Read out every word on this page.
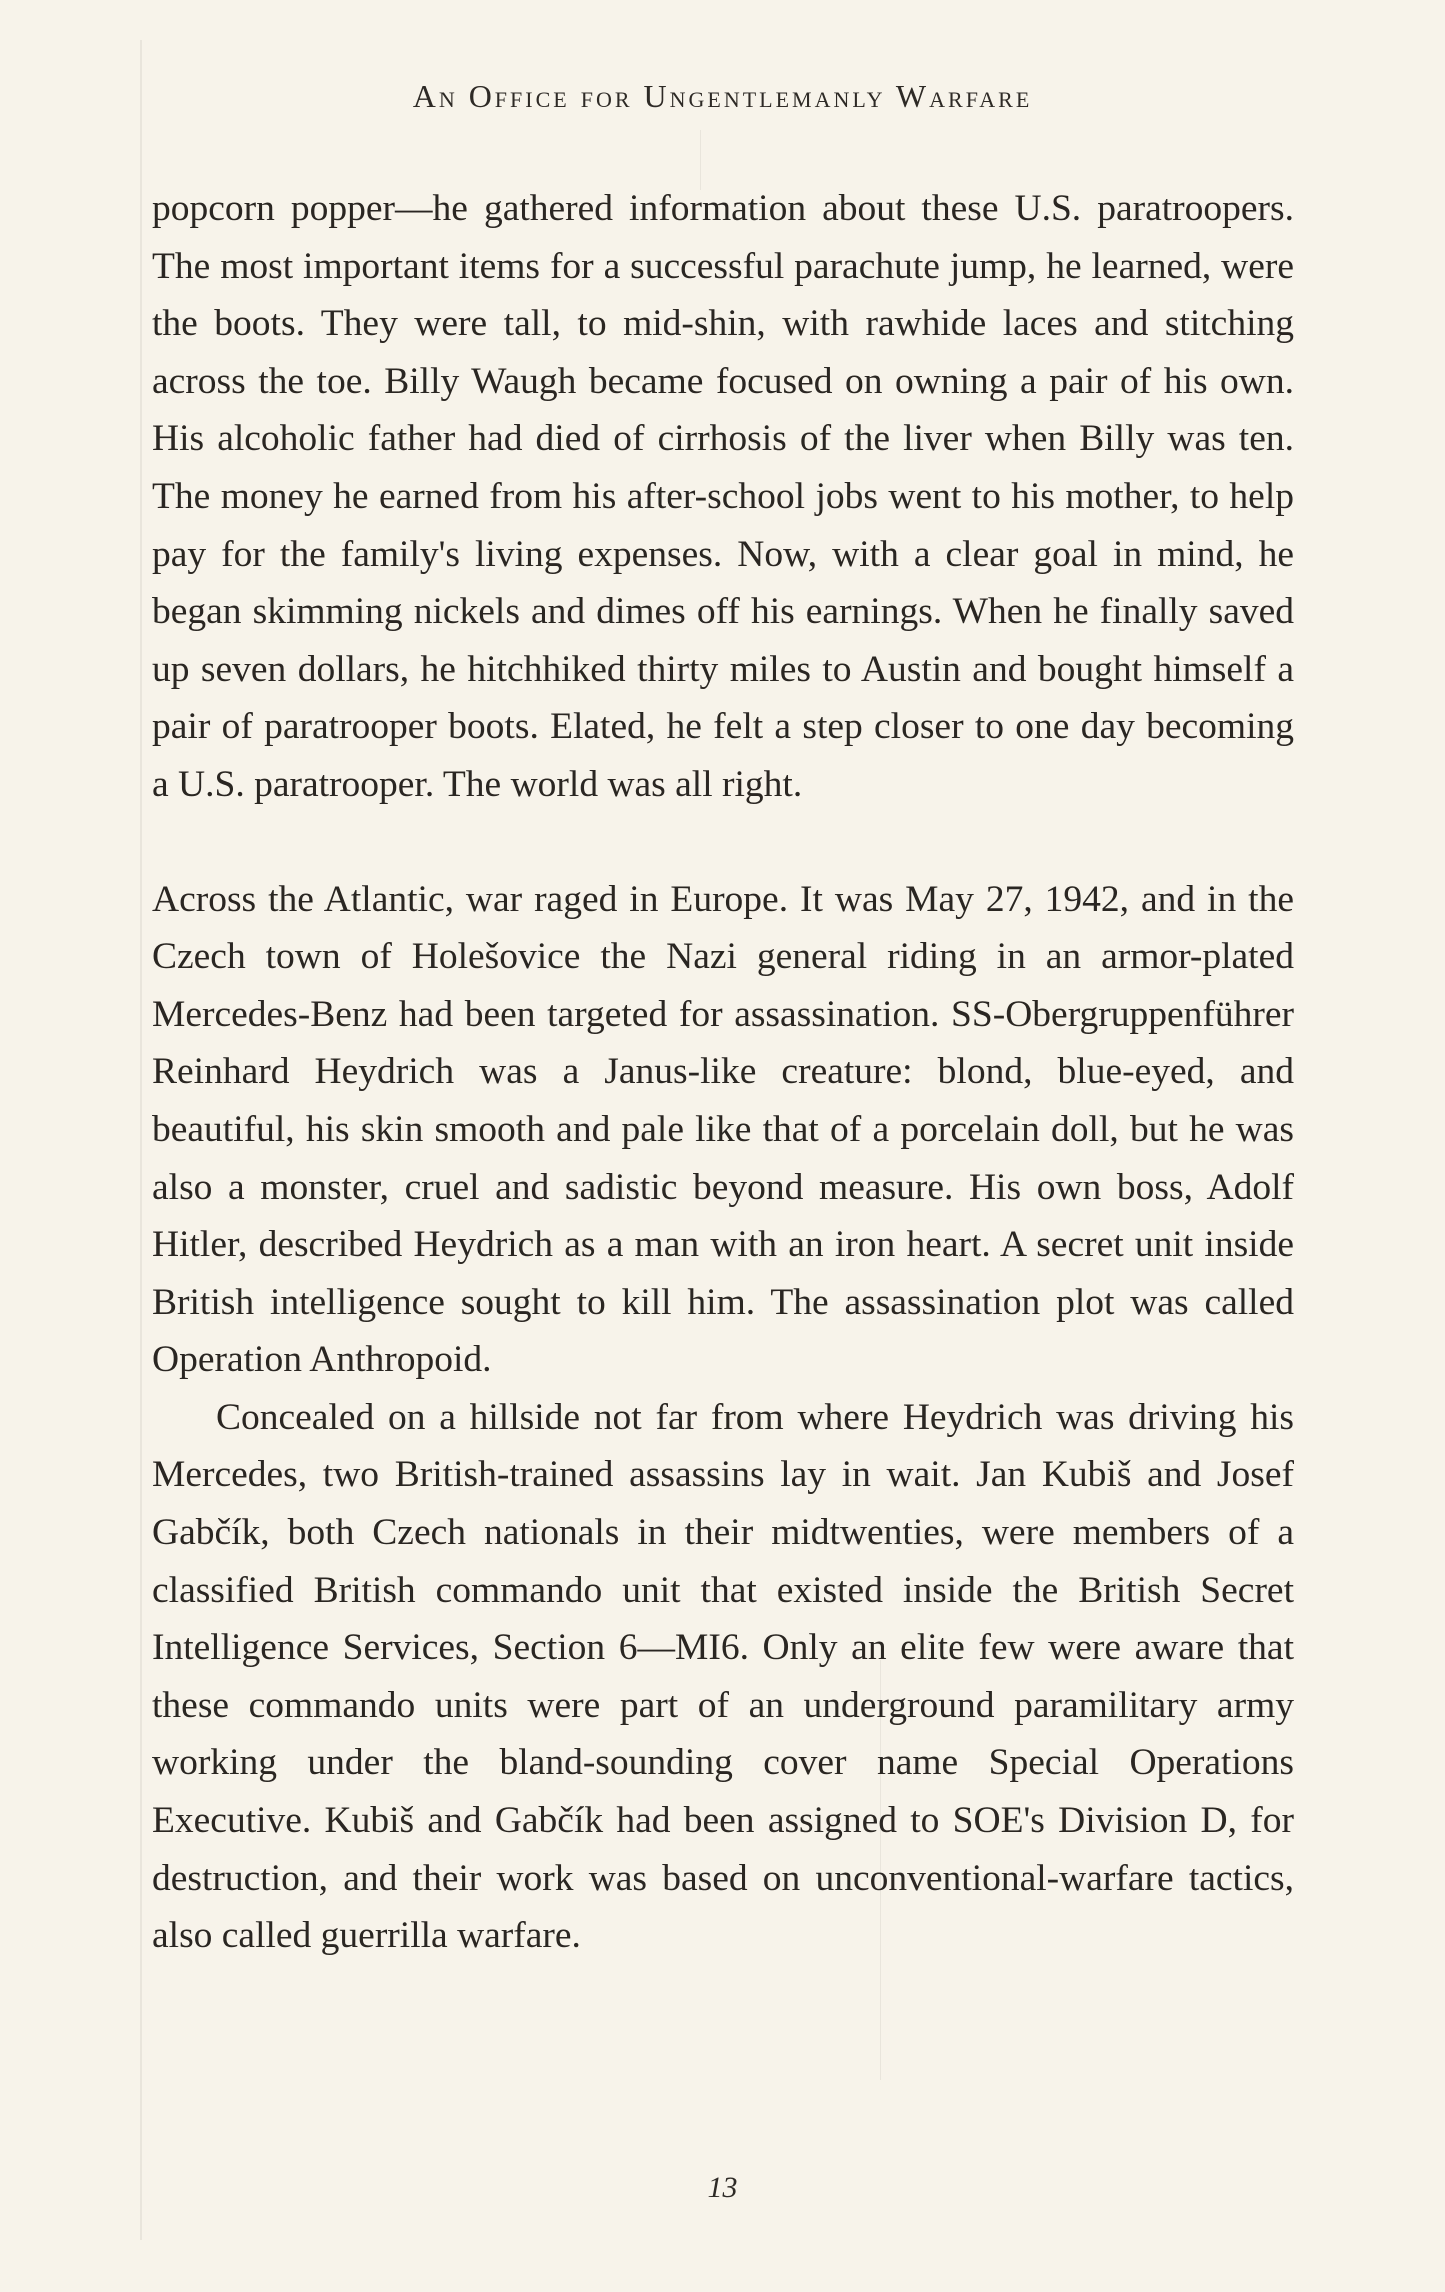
An Office for Ungentlemanly Warfare

popcorn popper—he gathered information about these U.S. paratroopers. The most important items for a successful parachute jump, he learned, were the boots. They were tall, to mid-shin, with rawhide laces and stitching across the toe. Billy Waugh became focused on owning a pair of his own. His alcoholic father had died of cirrhosis of the liver when Billy was ten. The money he earned from his after-school jobs went to his mother, to help pay for the family's living expenses. Now, with a clear goal in mind, he began skimming nickels and dimes off his earnings. When he finally saved up seven dollars, he hitchhiked thirty miles to Austin and bought himself a pair of paratrooper boots. Elated, he felt a step closer to one day becoming a U.S. paratrooper. The world was all right.

Across the Atlantic, war raged in Europe. It was May 27, 1942, and in the Czech town of Holešovice the Nazi general riding in an armor-plated Mercedes-Benz had been targeted for assassination. SS-Obergruppenführer Reinhard Heydrich was a Janus-like creature: blond, blue-eyed, and beautiful, his skin smooth and pale like that of a porcelain doll, but he was also a monster, cruel and sadistic beyond measure. His own boss, Adolf Hitler, described Heydrich as a man with an iron heart. A secret unit inside British intelligence sought to kill him. The assassination plot was called Operation Anthropoid.

Concealed on a hillside not far from where Heydrich was driving his Mercedes, two British-trained assassins lay in wait. Jan Kubiš and Josef Gabčík, both Czech nationals in their midtwenties, were members of a classified British commando unit that existed inside the British Secret Intelligence Services, Section 6—MI6. Only an elite few were aware that these commando units were part of an underground paramilitary army working under the bland-sounding cover name Special Operations Executive. Kubiš and Gabčík had been assigned to SOE's Division D, for destruction, and their work was based on unconventional-warfare tactics, also called guerrilla warfare.

13
